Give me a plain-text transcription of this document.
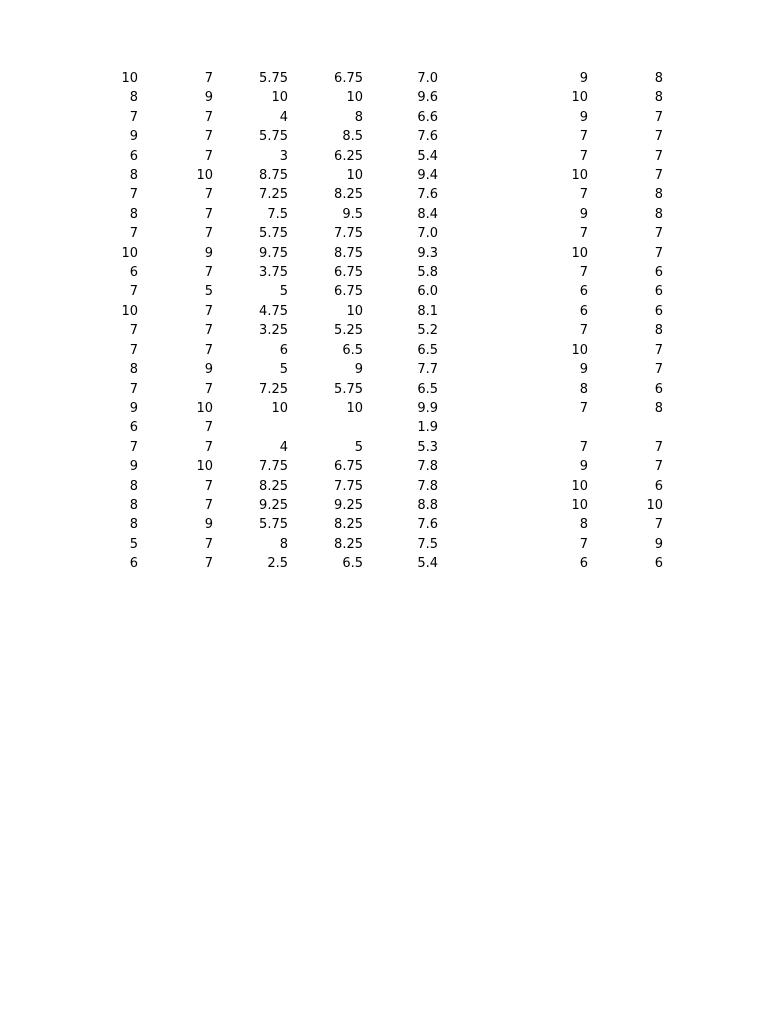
10	7	5.75	6.75	7.0	9	8
8	9	10	10	9.6	10	8
7	7	4	8	6.6	9	7
9	7	5.75	8.5	7.6	7	7
6	7	3	6.25	5.4	7	7
8	10	8.75	10	9.4	10	7
7	7	7.25	8.25	7.6	7	8
8	7	7.5	9.5	8.4	9	8
7	7	5.75	7.75	7.0	7	7
10	9	9.75	8.75	9.3	10	7
6	7	3.75	6.75	5.8	7	6
7	5	5	6.75	6.0	6	6
10	7	4.75	10	8.1	6	6
7	7	3.25	5.25	5.2	7	8
7	7	6	6.5	6.5	10	7
8	9	5	9	7.7	9	7
7	7	7.25	5.75	6.5	8	6
9	10	10	10	9.9	7	8
6	7			1.9		
7	7	4	5	5.3	7	7
9	10	7.75	6.75	7.8	9	7
8	7	8.25	7.75	7.8	10	6
8	7	9.25	9.25	8.8	10	10
8	9	5.75	8.25	7.6	8	7
5	7	8	8.25	7.5	7	9
6	7	2.5	6.5	5.4	6	6
